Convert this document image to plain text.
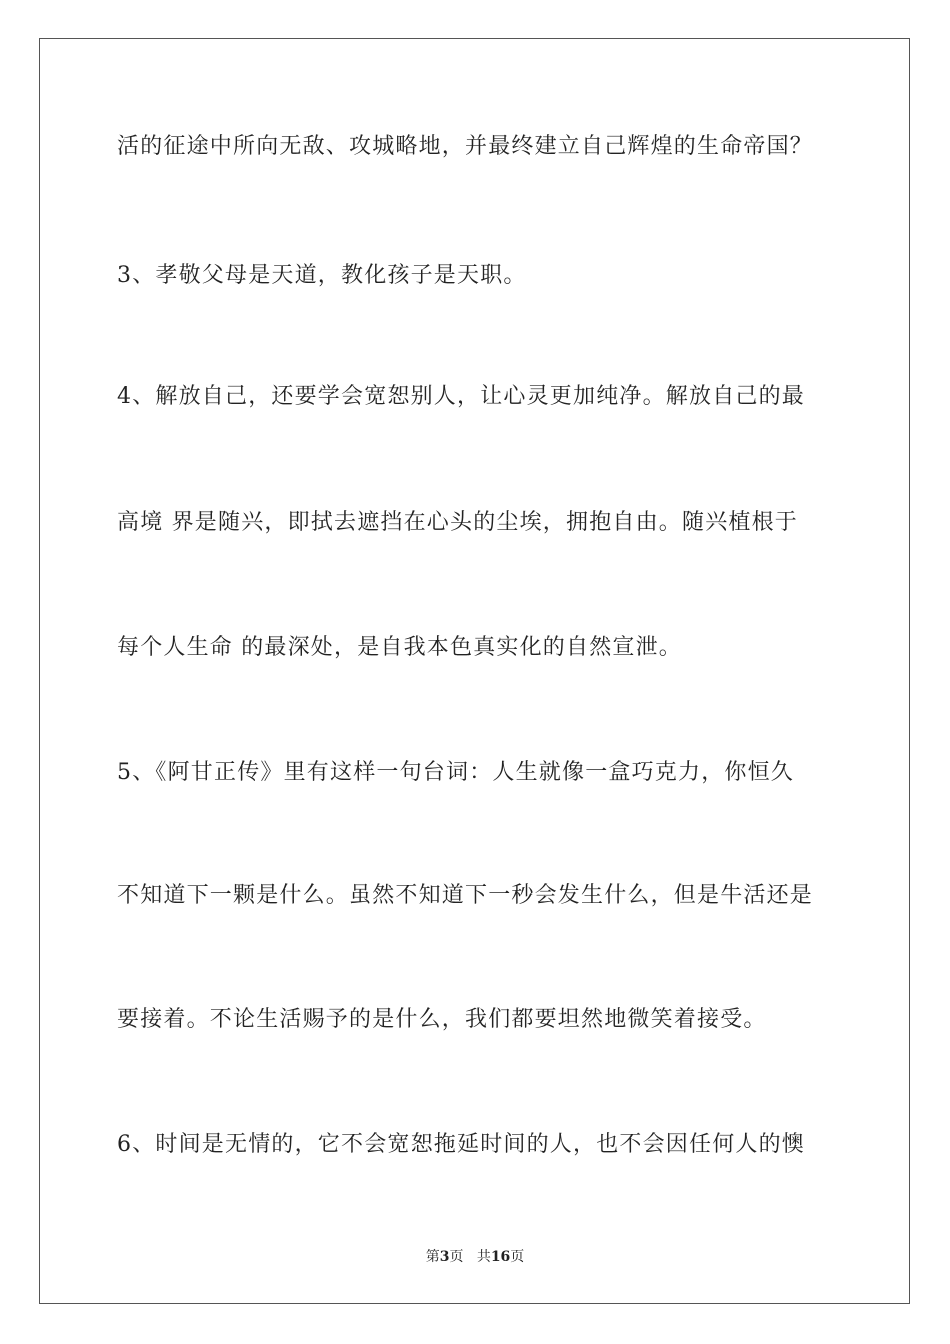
活的征途中所向无敌、攻城略地，并最终建立自己辉煌的生命帝国？
3、孝敬父母是天道，教化孩子是天职。
4、解放自己，还要学会宽恕别人，让心灵更加纯净。解放自己的最
高境 界是随兴，即拭去遮挡在心头的尘埃，拥抱自由。随兴植根于
每个人生命 的最深处，是自我本色真实化的自然宣泄。
5、《阿甘正传》里有这样一句台词：人生就像一盒巧克力，你恒久
不知道下一颗是什么。虽然不知道下一秒会发生什么，但是牛活还是
要接着。不论生活赐予的是什么，我们都要坦然地微笑着接受。
6、时间是无情的，它不会宽恕拖延时间的人，也不会因任何人的懊
第3页 共16页
